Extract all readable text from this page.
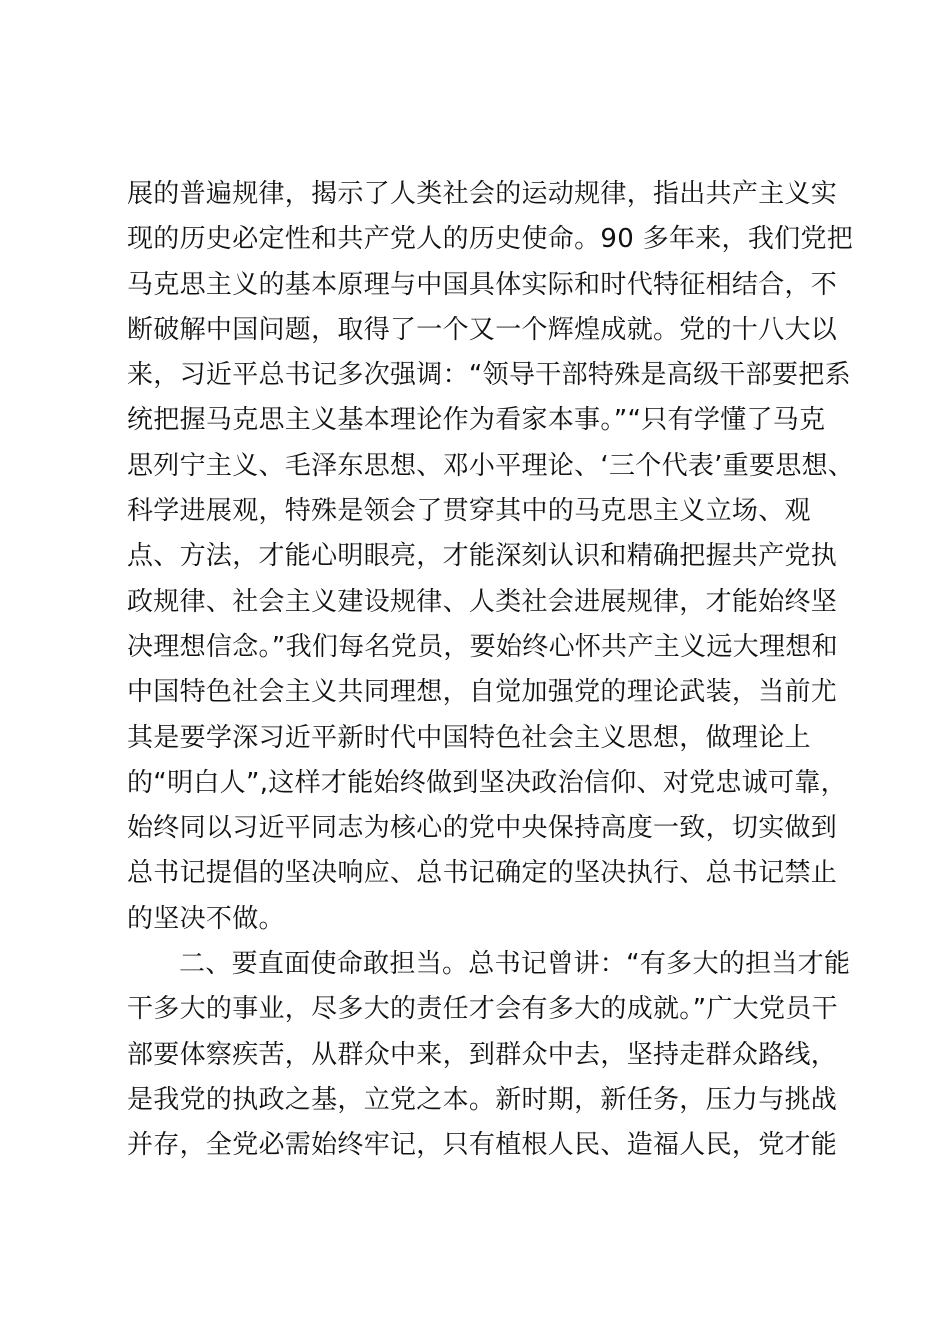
展的普遍规律，揭示了人类社会的运动规律，指出共产主义实
现的历史必定性和共产党人的历史使命。90 多年来，我们党把
马克思主义的基本原理与中国具体实际和时代特征相结合，不
断破解中国问题，取得了一个又一个辉煌成就。党的十八大以
来，习近平总书记多次强调：“领导干部特殊是高级干部要把系
统把握马克思主义基本理论作为看家本事。”“只有学懂了马克
思列宁主义、毛泽东思想、邓小平理论、‘三个代表’重要思想、
科学进展观，特殊是领会了贯穿其中的马克思主义立场、观
点、方法，才能心明眼亮，才能深刻认识和精确把握共产党执
政规律、社会主义建设规律、人类社会进展规律，才能始终坚
决理想信念。”我们每名党员，要始终心怀共产主义远大理想和
中国特色社会主义共同理想，自觉加强党的理论武装，当前尤
其是要学深习近平新时代中国特色社会主义思想，做理论上
的“明白人”,这样才能始终做到坚决政治信仰、对党忠诚可靠，
始终同以习近平同志为核心的党中央保持高度一致，切实做到
总书记提倡的坚决响应、总书记确定的坚决执行、总书记禁止
的坚决不做。
二、要直面使命敢担当。总书记曾讲：“有多大的担当才能
干多大的事业，尽多大的责任才会有多大的成就。”广大党员干
部要体察疾苦，从群众中来，到群众中去，坚持走群众路线，
是我党的执政之基，立党之本。新时期，新任务，压力与挑战
并存，全党必需始终牢记，只有植根人民、造福人民，党才能
